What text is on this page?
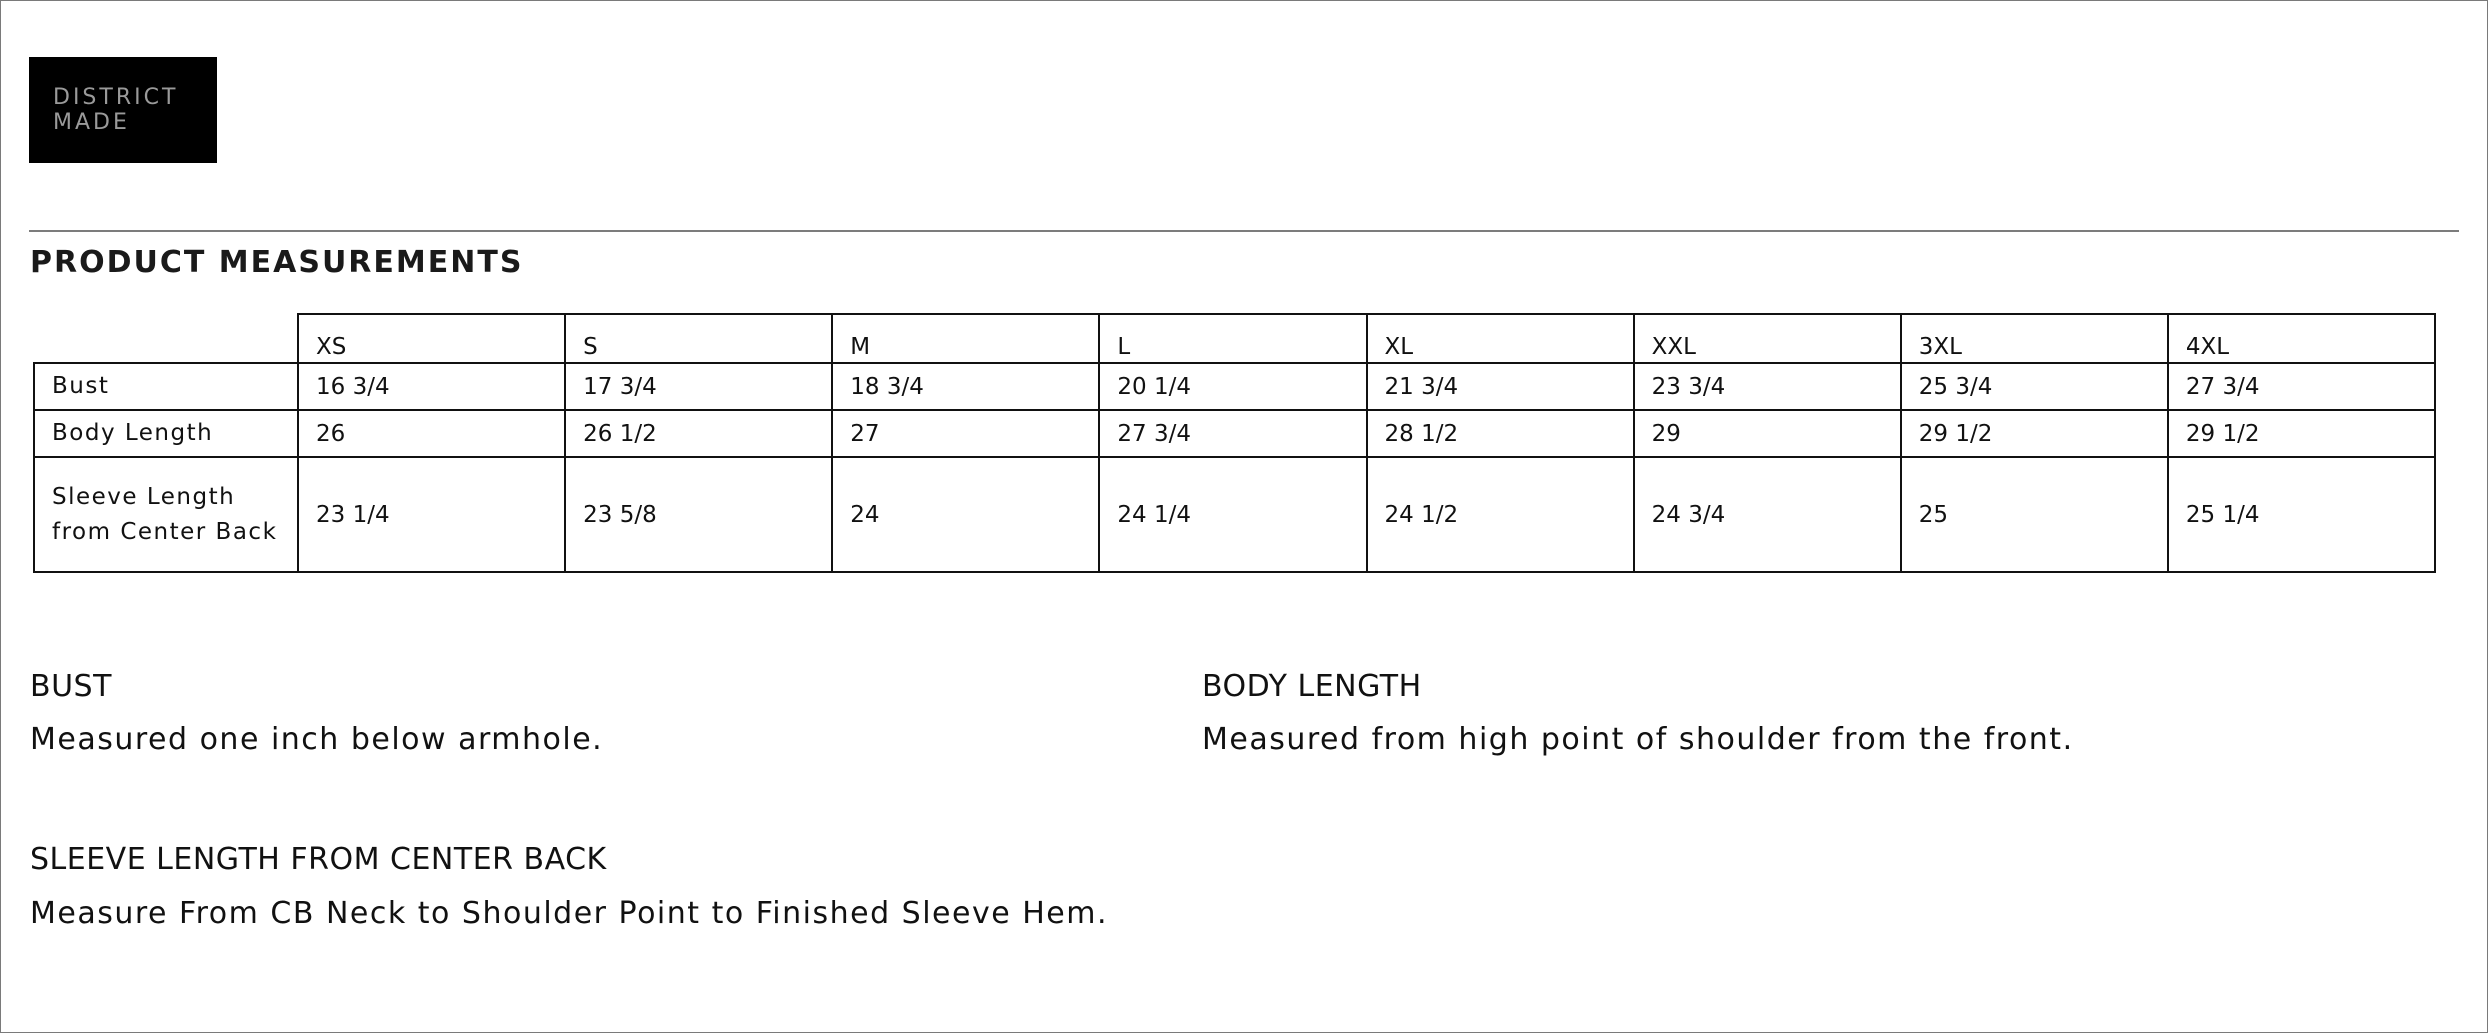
DISTRICT
MADE
PRODUCT MEASUREMENTS
	XS	S	M	L	XL	XXL	3XL	4XL
Bust	16 3/4	17 3/4	18 3/4	20 1/4	21 3/4	23 3/4	25 3/4	27 3/4
Body Length	26	26 1/2	27	27 3/4	28 1/2	29	29 1/2	29 1/2
Sleeve Length from Center Back	23 1/4	23 5/8	24	24 1/4	24 1/2	24 3/4	25	25 1/4
BUST
Measured one inch below armhole.
BODY LENGTH
Measured from high point of shoulder from the front.
SLEEVE LENGTH FROM CENTER BACK
Measure From CB Neck to Shoulder Point to Finished Sleeve Hem.
